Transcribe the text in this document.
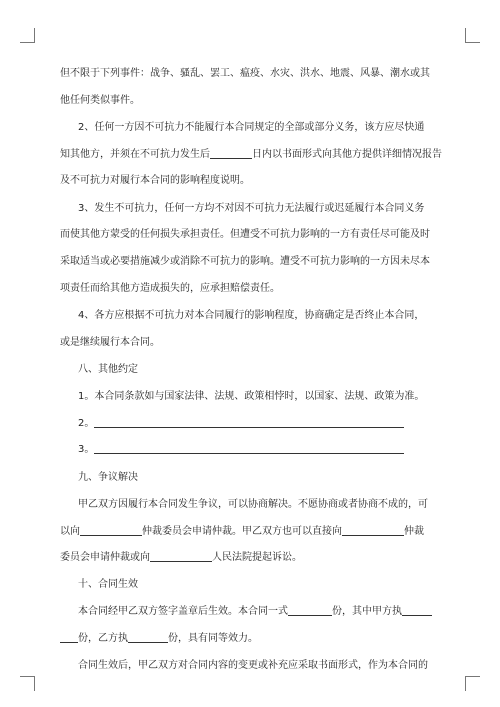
但不限于下列事件：战争、骚乱、罢工、瘟疫、水灾、洪水、地震、风暴、潮水或其
他任何类似事件。
2、任何一方因不可抗力不能履行本合同规定的全部或部分义务，该方应尽快通
知其他方，并须在不可抗力发生后	日内以书面形式向其他方提供详细情况报告
及不可抗力对履行本合同的影响程度说明。
3、发生不可抗力，任何一方均不对因不可抗力无法履行或迟延履行本合同义务
而使其他方蒙受的任何损失承担责任。但遭受不可抗力影响的一方有责任尽可能及时
采取适当或必要措施减少或消除不可抗力的影响。遭受不可抗力影响的一方因未尽本
项责任而给其他方造成损失的，应承担赔偿责任。
4、各方应根据不可抗力对本合同履行的影响程度，协商确定是否终止本合同，
或是继续履行本合同。
八、其他约定
1。本合同条款如与国家法律、法规、政策相悖时，以国家、法规、政策为准。
2。
3。
九、争议解决
甲乙双方因履行本合同发生争议，可以协商解决。不愿协商或者协商不成的，可
以向	仲裁委员会申请仲裁。甲乙双方也可以直接向	仲裁
委员会申请仲裁或向	人民法院提起诉讼。
十、合同生效
本合同经甲乙双方签字盖章后生效。本合同一式	份，其中甲方执
份，乙方执	份，具有同等效力。
合同生效后，甲乙双方对合同内容的变更或补充应采取书面形式，作为本合同的
